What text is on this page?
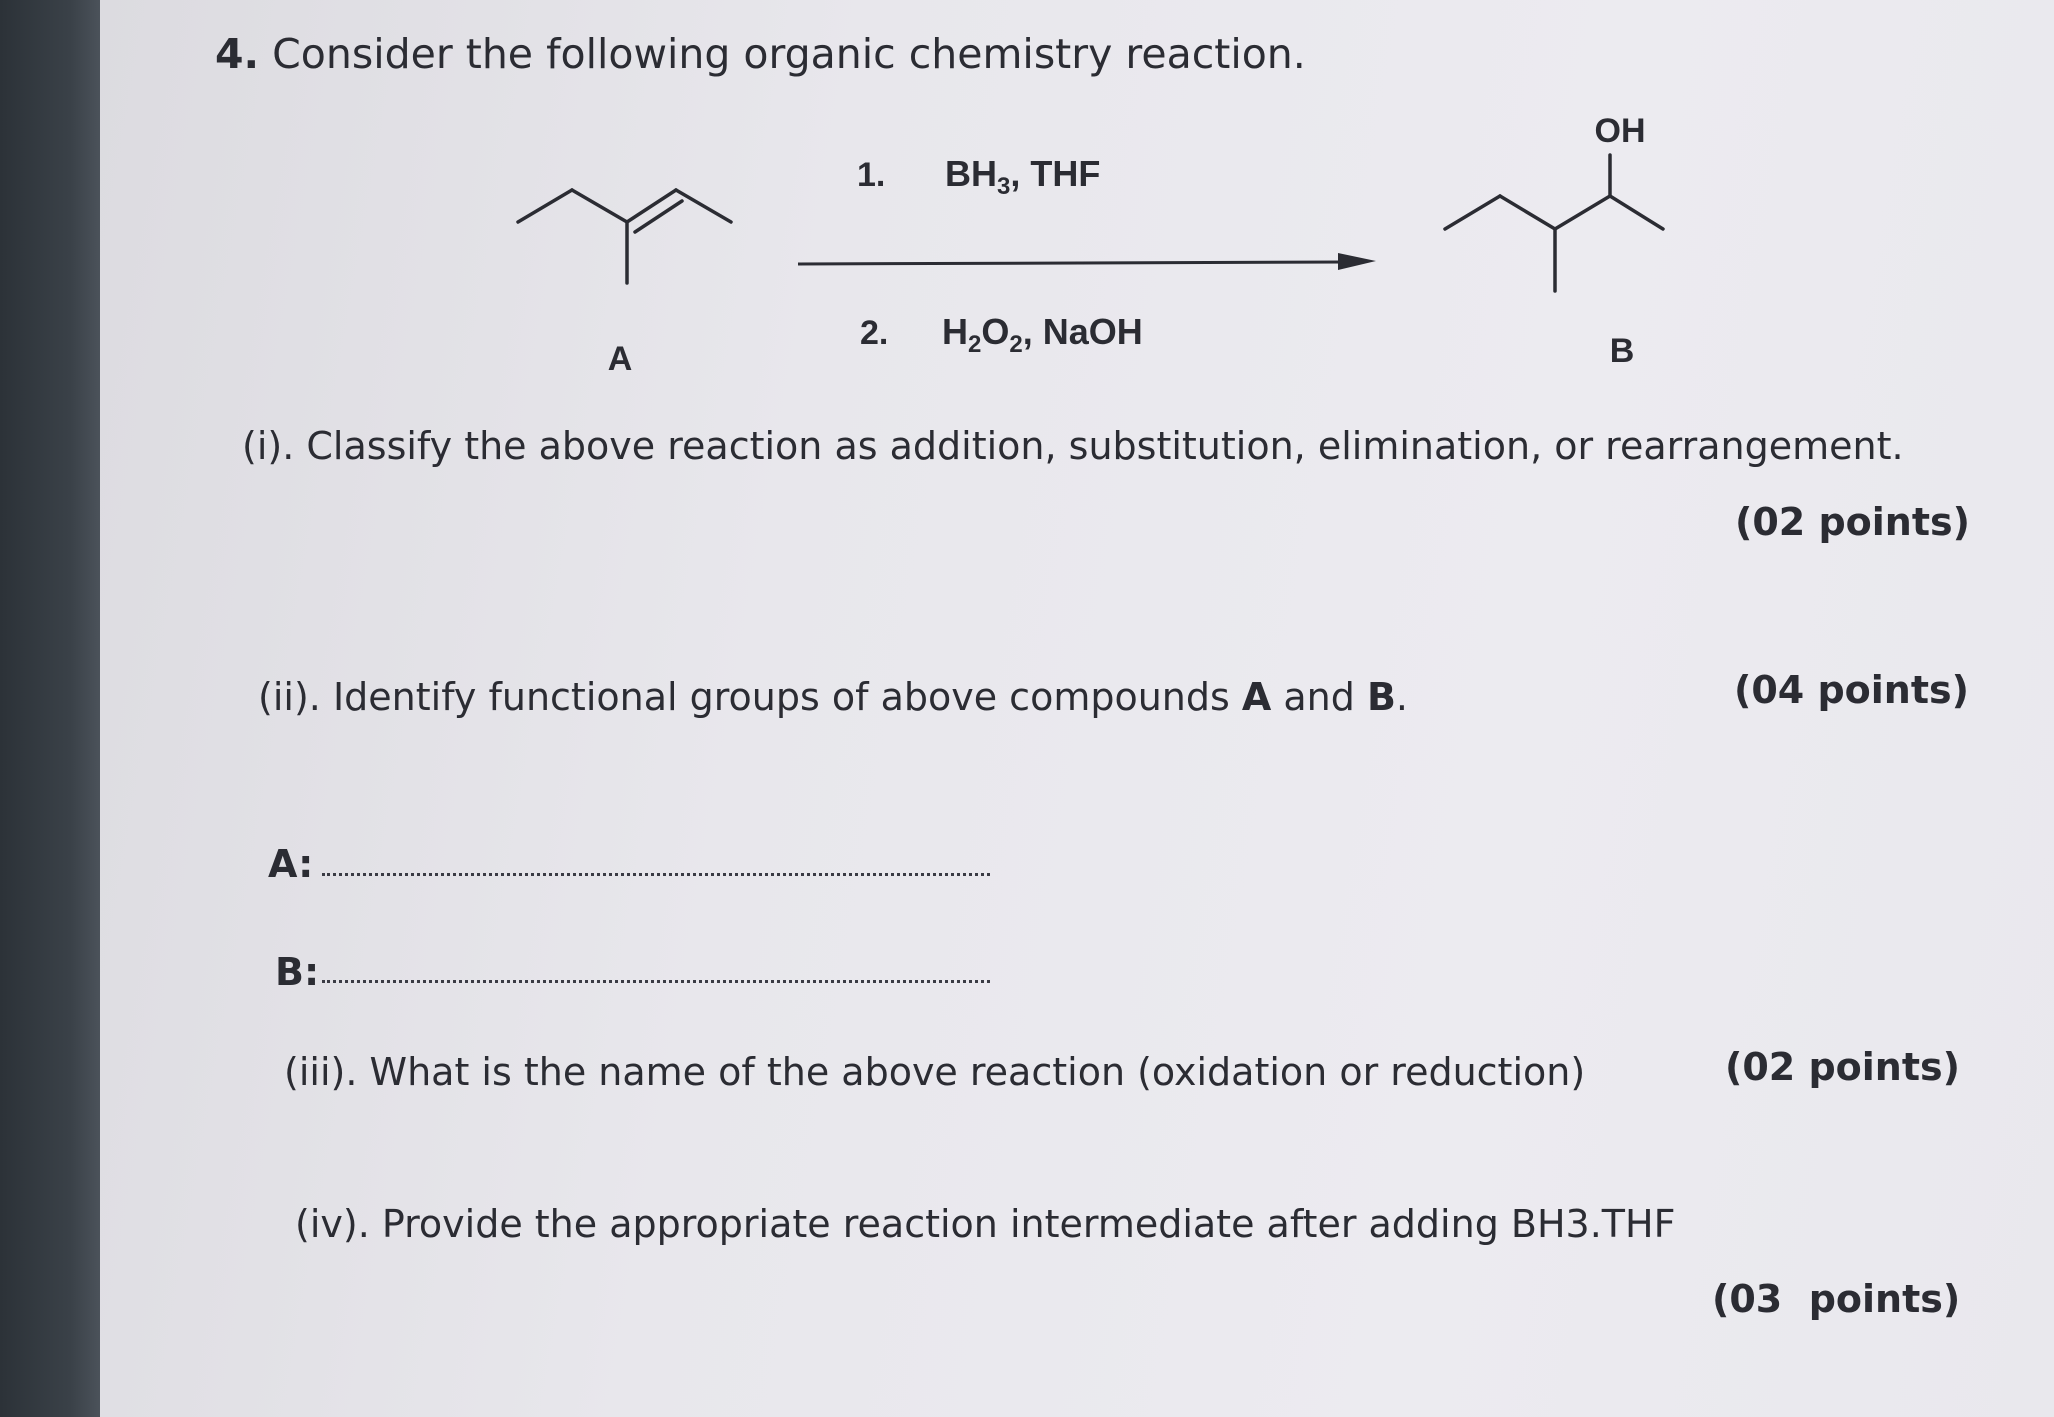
4. Consider the following organic chemistry reaction.
A	B
OH
1.
2.
$BH_3$, THF
$H_2O_2$, NaOH
(i). Classify the above reaction as addition, substitution, elimination, or rearrangement.
(02 points)
(ii). Identify functional groups of above compounds A and B.	(04 points)
A:
B:
(iii). What is the name of the above reaction (oxidation or reduction)	(02 points)
(iv). Provide the appropriate reaction intermediate after adding BH3.THF
(03  points)
